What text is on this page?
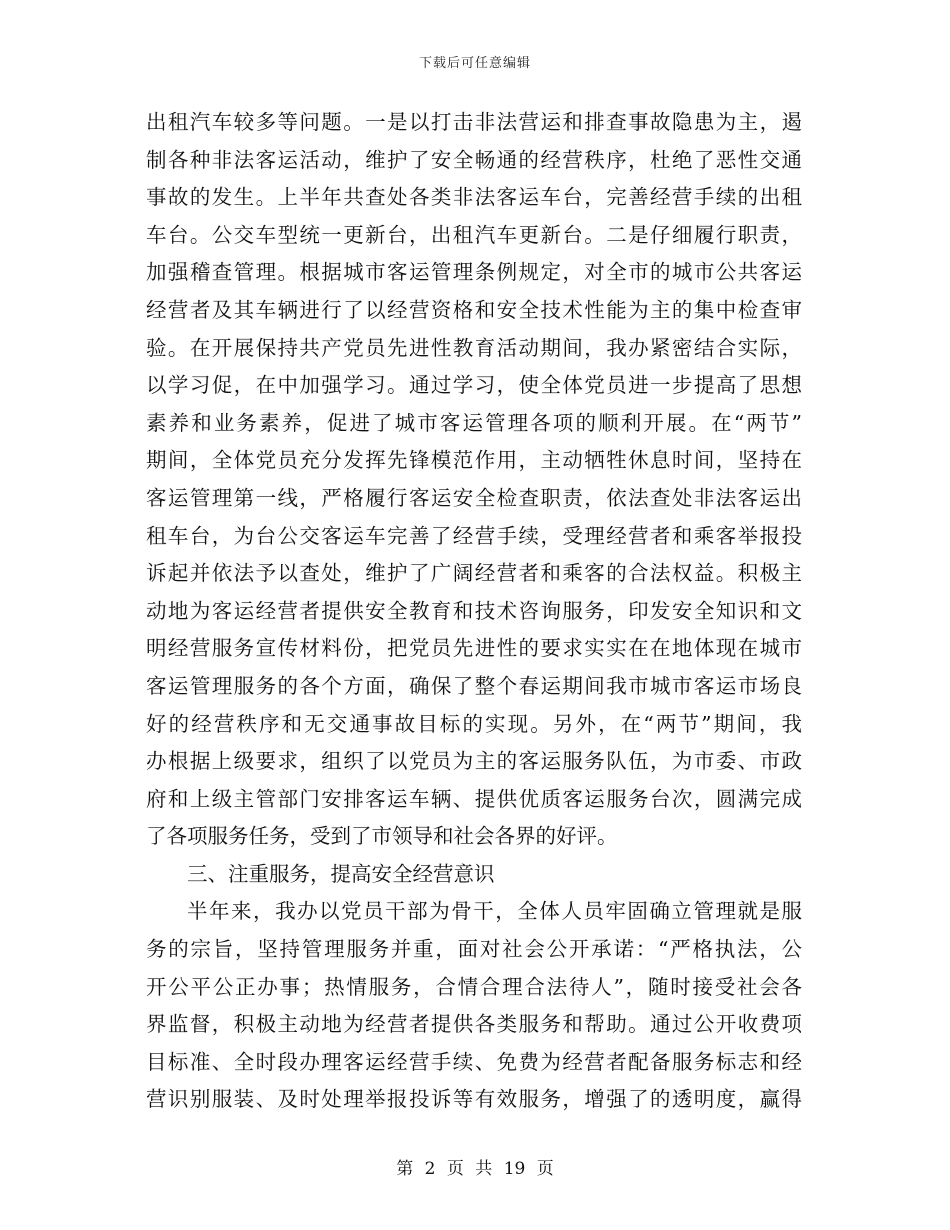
下载后可任意编辑
出租汽车较多等问题。一是以打击非法营运和排查事故隐患为主，遏
制各种非法客运活动，维护了安全畅通的经营秩序，杜绝了恶性交通
事故的发生。上半年共查处各类非法客运车台，完善经营手续的出租
车台。公交车型统一更新台，出租汽车更新台。二是仔细履行职责，
加强稽查管理。根据城市客运管理条例规定，对全市的城市公共客运
经营者及其车辆进行了以经营资格和安全技术性能为主的集中检查审
验。在开展保持共产党员先进性教育活动期间，我办紧密结合实际，
以学习促，在中加强学习。通过学习，使全体党员进一步提高了思想
素养和业务素养，促进了城市客运管理各项的顺利开展。在“两节”
期间，全体党员充分发挥先锋模范作用，主动牺牲休息时间，坚持在
客运管理第一线，严格履行客运安全检查职责，依法查处非法客运出
租车台，为台公交客运车完善了经营手续，受理经营者和乘客举报投
诉起并依法予以查处，维护了广阔经营者和乘客的合法权益。积极主
动地为客运经营者提供安全教育和技术咨询服务，印发安全知识和文
明经营服务宣传材料份，把党员先进性的要求实实在在地体现在城市
客运管理服务的各个方面，确保了整个春运期间我市城市客运市场良
好的经营秩序和无交通事故目标的实现。另外，在“两节”期间，我
办根据上级要求，组织了以党员为主的客运服务队伍，为市委、市政
府和上级主管部门安排客运车辆、提供优质客运服务台次，圆满完成
了各项服务任务，受到了市领导和社会各界的好评。
三、注重服务，提高安全经营意识
半年来，我办以党员干部为骨干，全体人员牢固确立管理就是服
务的宗旨，坚持管理服务并重，面对社会公开承诺：“严格执法，公
开公平公正办事；热情服务，合情合理合法待人”，随时接受社会各
界监督，积极主动地为经营者提供各类服务和帮助。通过公开收费项
目标准、全时段办理客运经营手续、免费为经营者配备服务标志和经
营识别服装、及时处理举报投诉等有效服务，增强了的透明度，赢得
第 2 页 共 19 页
